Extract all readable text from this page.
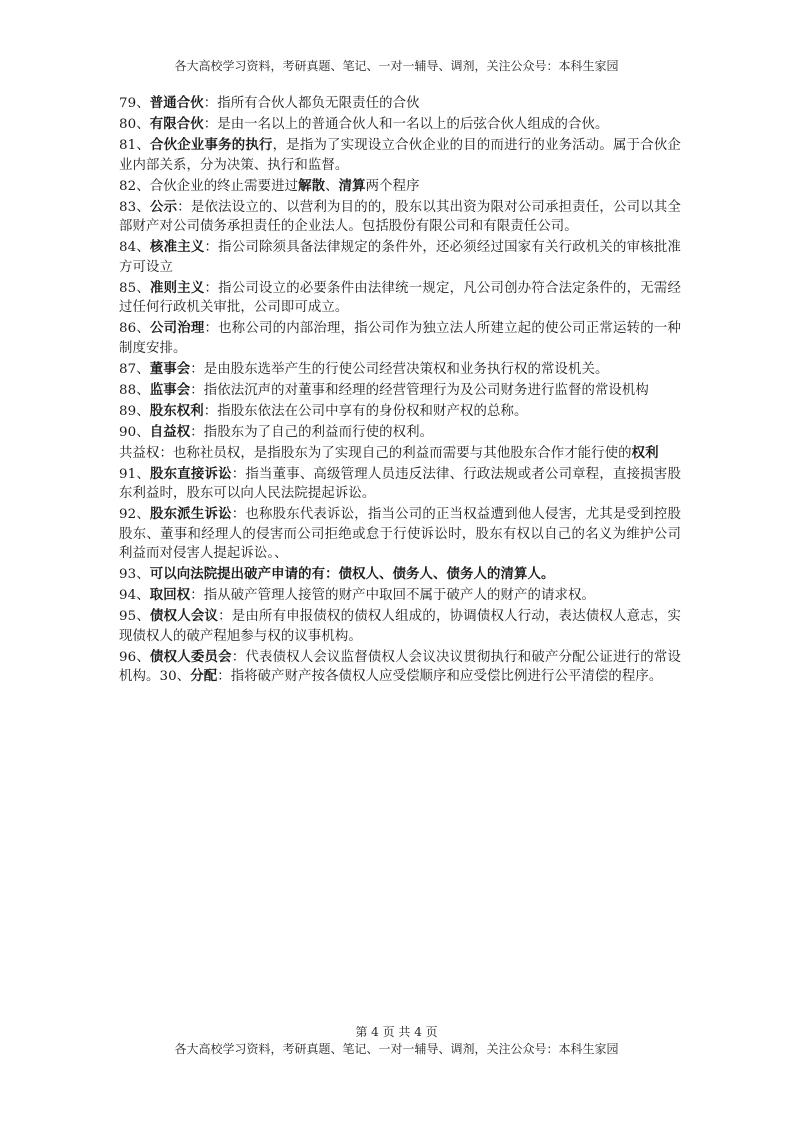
各大高校学习资料，考研真题、笔记、一对一辅导、调剂，关注公众号：本科生家园

79、普通合伙：指所有合伙人都负无限责任的合伙

80、有限合伙：是由一名以上的普通合伙人和一名以上的后弦合伙人组成的合伙。

81、合伙企业事务的执行，是指为了实现设立合伙企业的目的而进行的业务活动。属于合伙企业内部关系，分为决策、执行和监督。

82、合伙企业的终止需要进过解散、清算两个程序

83、公示：是依法设立的、以营利为目的的，股东以其出资为限对公司承担责任，公司以其全部财产对公司债务承担责任的企业法人。包括股份有限公司和有限责任公司。

84、核准主义：指公司除须具备法律规定的条件外，还必须经过国家有关行政机关的审核批准方可设立

85、准则主义：指公司设立的必要条件由法律统一规定，凡公司创办符合法定条件的，无需经过任何行政机关审批，公司即可成立。

86、公司治理：也称公司的内部治理，指公司作为独立法人所建立起的使公司正常运转的一种制度安排。

87、董事会：是由股东选举产生的行使公司经营决策权和业务执行权的常设机关。

88、监事会：指依法沉声的对董事和经理的经营管理行为及公司财务进行监督的常设机构

89、股东权利：指股东依法在公司中享有的身份权和财产权的总称。

90、自益权：指股东为了自己的利益而行使的权利。

共益权：也称社员权，是指股东为了实现自己的利益而需要与其他股东合作才能行使的权利

91、股东直接诉讼：指当董事、高级管理人员违反法律、行政法规或者公司章程，直接损害股东利益时，股东可以向人民法院提起诉讼。

92、股东派生诉讼：也称股东代表诉讼，指当公司的正当权益遭到他人侵害，尤其是受到控股股东、董事和经理人的侵害而公司拒绝或怠于行使诉讼时，股东有权以自己的名义为维护公司利益而对侵害人提起诉讼。、

93、可以向法院提出破产申请的有：债权人、债务人、债务人的清算人。

94、取回权：指从破产管理人接管的财产中取回不属于破产人的财产的请求权。

95、债权人会议：是由所有申报债权的债权人组成的，协调债权人行动，表达债权人意志，实现债权人的破产程旭参与权的议事机构。

96、债权人委员会：代表债权人会议监督债权人会议决议贯彻执行和破产分配公证进行的常设机构。30、分配：指将破产财产按各债权人应受偿顺序和应受偿比例进行公平清偿的程序。

第 4 页 共 4 页
各大高校学习资料，考研真题、笔记、一对一辅导、调剂，关注公众号：本科生家园
